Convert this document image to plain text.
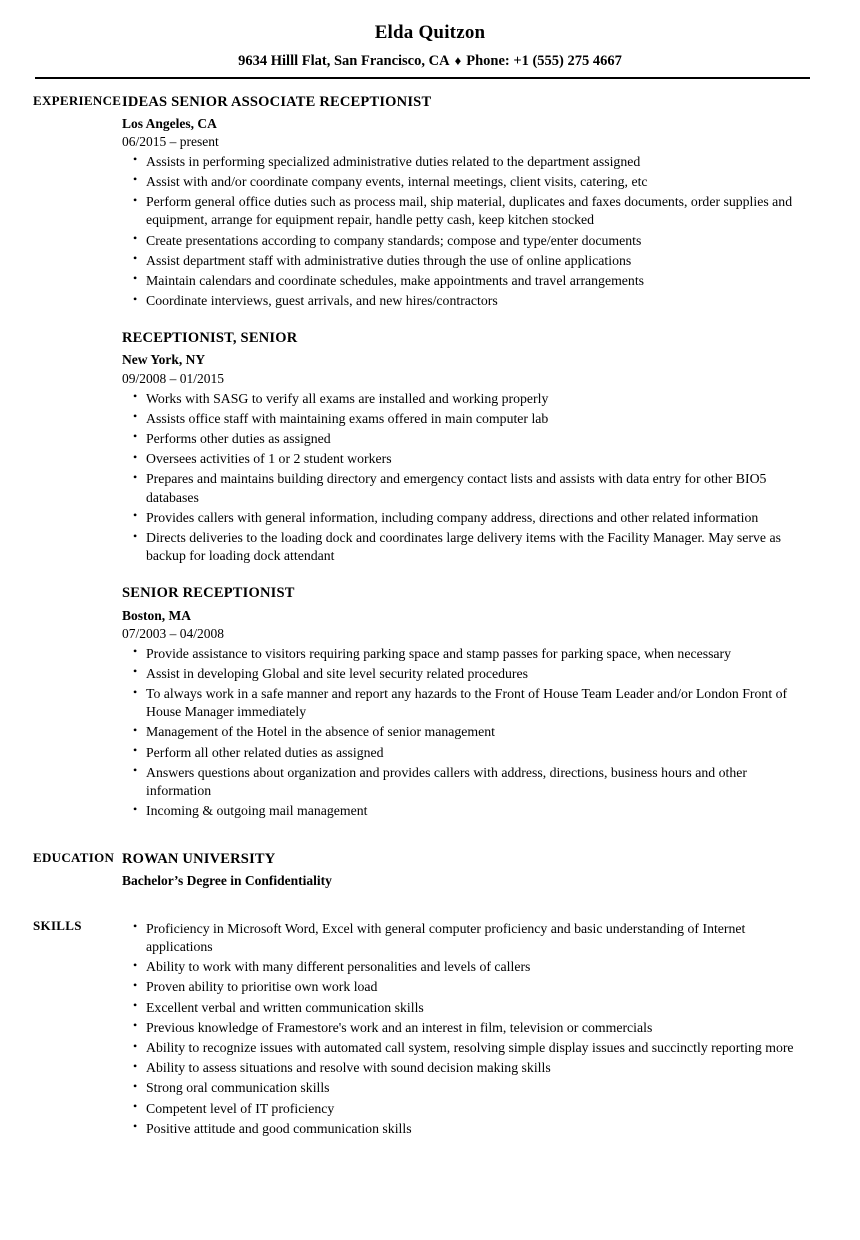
Elda Quitzon
9634 Hilll Flat, San Francisco, CA ♦ Phone: +1 (555) 275 4667
EXPERIENCE IDEAS SENIOR ASSOCIATE RECEPTIONIST
Los Angeles, CA
06/2015 – present
• Assists in performing specialized administrative duties related to the department assigned
• Assist with and/or coordinate company events, internal meetings, client visits, catering, etc
• Perform general office duties such as process mail, ship material, duplicates and faxes documents, order supplies and equipment, arrange for equipment repair, handle petty cash, keep kitchen stocked
• Create presentations according to company standards; compose and type/enter documents
• Assist department staff with administrative duties through the use of online applications
• Maintain calendars and coordinate schedules, make appointments and travel arrangements
• Coordinate interviews, guest arrivals, and new hires/contractors
RECEPTIONIST, SENIOR
New York, NY
09/2008 – 01/2015
• Works with SASG to verify all exams are installed and working properly
• Assists office staff with maintaining exams offered in main computer lab
• Performs other duties as assigned
• Oversees activities of 1 or 2 student workers
• Prepares and maintains building directory and emergency contact lists and assists with data entry for other BIO5 databases
• Provides callers with general information, including company address, directions and other related information
• Directs deliveries to the loading dock and coordinates large delivery items with the Facility Manager. May serve as backup for loading dock attendant
SENIOR RECEPTIONIST
Boston, MA
07/2003 – 04/2008
• Provide assistance to visitors requiring parking space and stamp passes for parking space, when necessary
• Assist in developing Global and site level security related procedures
• To always work in a safe manner and report any hazards to the Front of House Team Leader and/or London Front of House Manager immediately
• Management of the Hotel in the absence of senior management
• Perform all other related duties as assigned
• Answers questions about organization and provides callers with address, directions, business hours and other information
• Incoming & outgoing mail management
EDUCATION ROWAN UNIVERSITY
Bachelor’s Degree in Confidentiality
SKILLS	• Proficiency in Microsoft Word, Excel with general computer proficiency and basic understanding of Internet applications
• Ability to work with many different personalities and levels of callers
• Proven ability to prioritise own work load
• Excellent verbal and written communication skills
• Previous knowledge of Framestore's work and an interest in film, television or commercials
• Ability to recognize issues with automated call system, resolving simple display issues and succinctly reporting more
• Ability to assess situations and resolve with sound decision making skills
• Strong oral communication skills
• Competent level of IT proficiency
• Positive attitude and good communication skills
